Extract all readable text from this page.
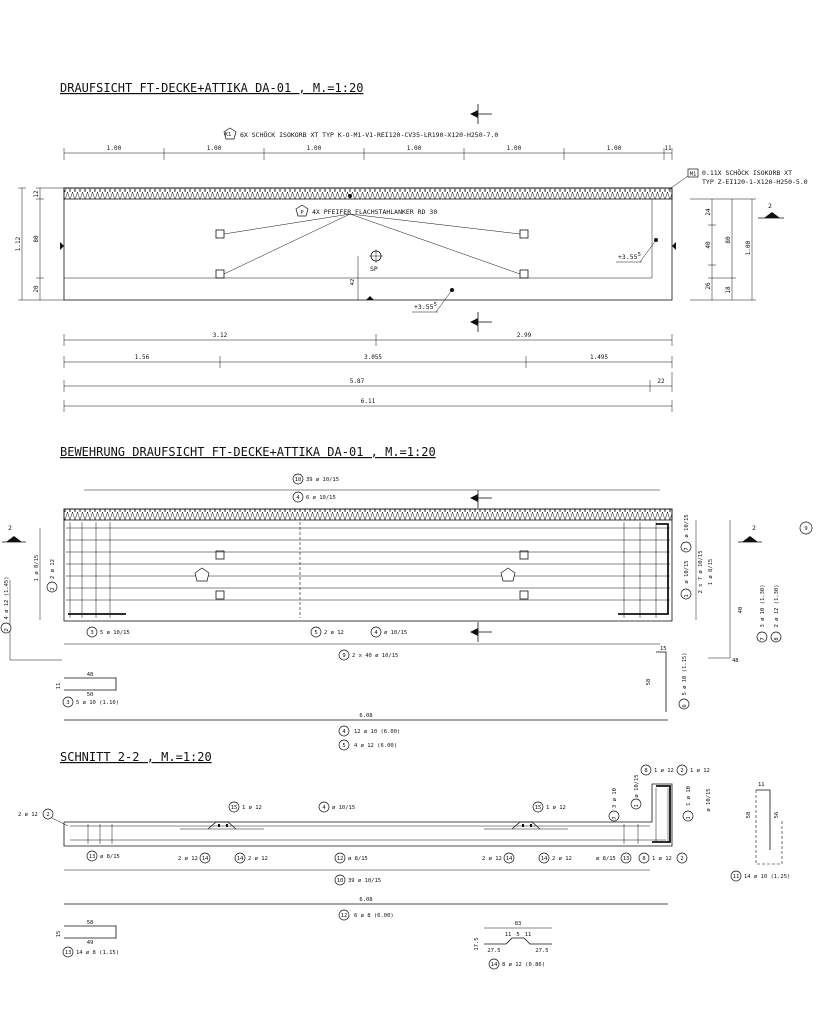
DRAUFSICHT FT-DECKE+ATTIKA DA-01 , M.=1:20
K1 6X SCHÖCK ISOKORB XT TYP K-O-M1-V1-REI120-CV35-LR190-X120-H250-7.0
1.00	1.00	1.00	1.00	1.00	1.00	11
P 4X PFEIFER FLACHSTAHLANKER RD 30
SP
42
$+3.55^5$
$+3.55^5$
12
80
20
1.12
24
40
26
18
80
1.00
M1 0.11X SCHÖCK ISOKORB XT
TYP Z-EI120-1-X120-H250-5.0
2
3.12	2.99
1.56	3.055	1.495
5.87	22
6.11
BEWEHRUNG DRAUFSICHT FT-DECKE+ATTIKA DA-01 , M.=1:20
10 39 ø 10/15
4 6 ø 10/15
2	2	9
1 ø 8/15
2
2 ø 12
2
4 ø 12 (1.45)
7
ø 10/15
2 x 7 ø 10/15
1
ø 10/15	1 ø 8/15
40
48
7
3 ø 10 (1.30)
8
2 ø 12 (1.30)
3 5 ø 10/15	5 2 ø 12	4 ø 10/15
9 2 x 40 ø 10/15
48
50
11
3 5 ø 10 (1.10)
15
58
6
5 ø 10 (1.15)
6.08
4 12 ø 10 (6.00)
5 4 ø 12 (6.00)
SCHNITT 2-2 , M.=1:20
2 ø 12 2
15 1 ø 12	4 ø 10/15	15 1 ø 12
8 1 ø 12 2 1 ø 12
7
3 ø 10	1
ø 10/15
1
1 ø 10	ø 10/15
13 ø 8/15	2 ø 12 14	14 2 ø 12	12 ø 8/15	2 ø 12 14	14 2 ø 12	ø 8/15 13 8 1 ø 12 2
10 39 ø 10/15
11
58	56
11 14 ø 10 (1.25)
6.08
12 6 ø 8 (6.00)
58
15
49
13 14 ø 8 (1.15)
83
27.5
11 5 11
27.5
17.5
14 8 ø 12 (0.86)
